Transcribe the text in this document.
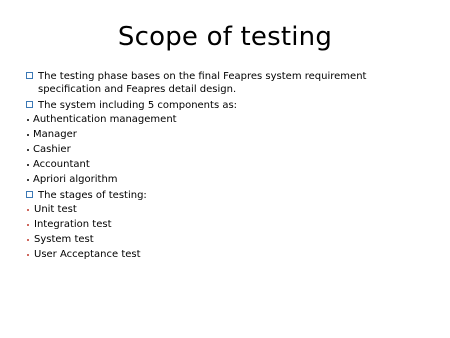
Scope of testing
The testing phase bases on the final Feapres system requirement specification and Feapres detail design.
The system including 5 components as:
Authentication management
Manager
Cashier
Accountant
Apriori algorithm
The stages of testing:
Unit test
Integration test
System test
User Acceptance test
